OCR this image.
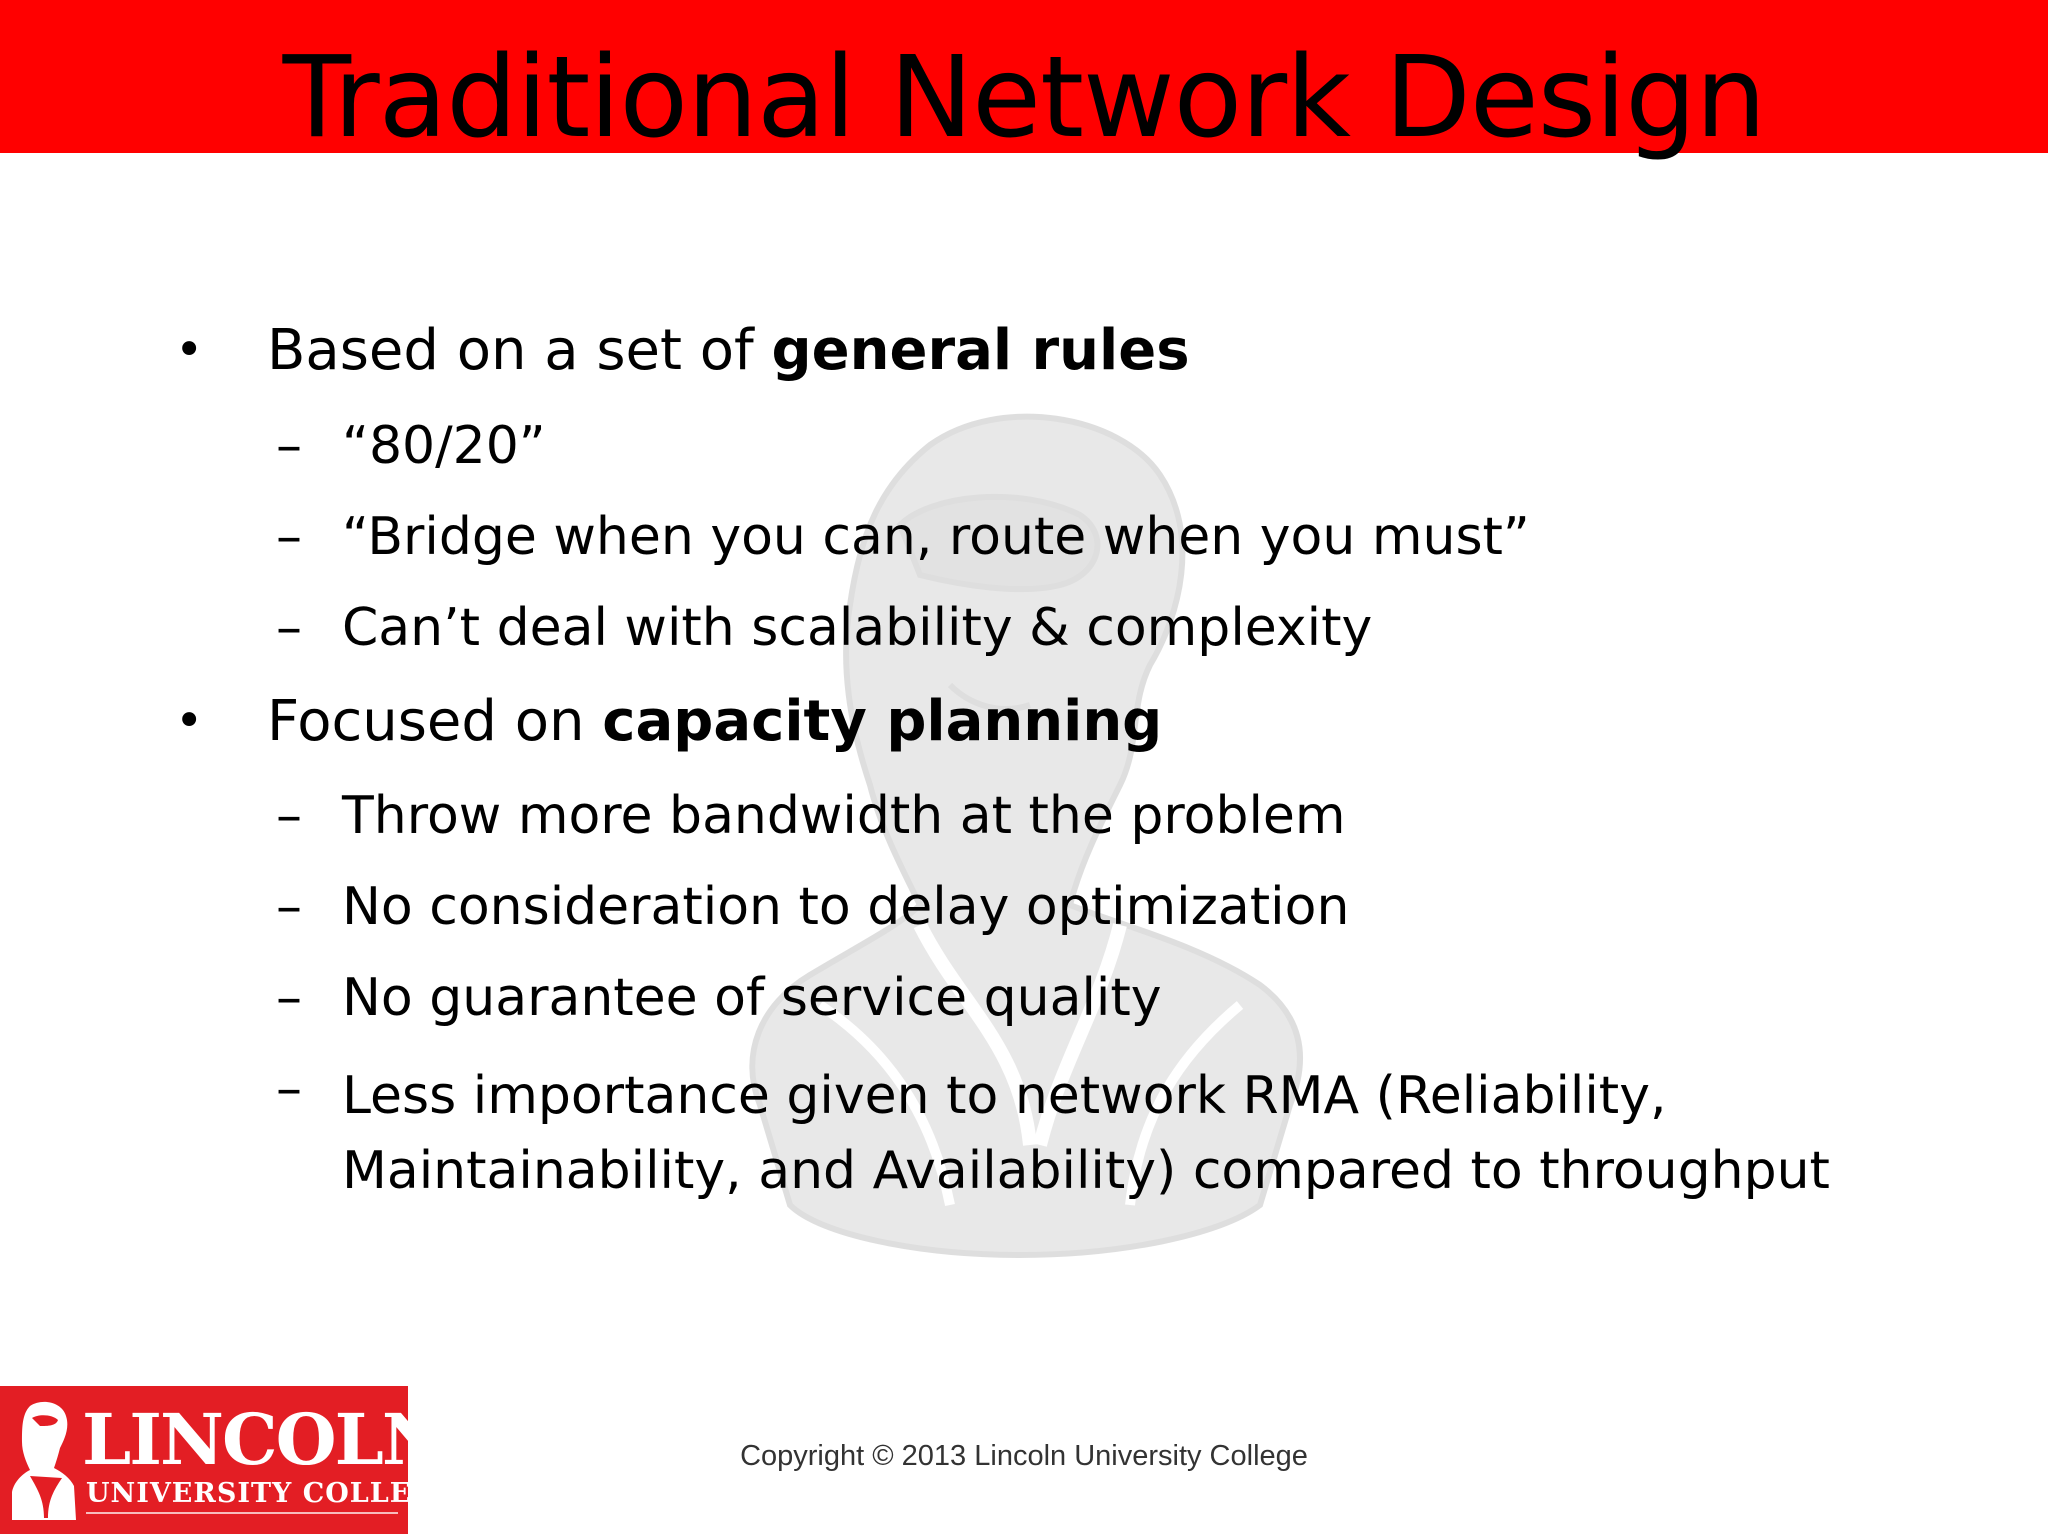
Traditional Network Design
• Based on a set of general rules
– “80/20”
– “Bridge when you can, route when you must”
– Can’t deal with scalability & complexity
• Focused on capacity planning
– Throw more bandwidth at the problem
– No consideration to delay optimization
– No guarantee of service quality
– Less importance given to network RMA (Reliability, Maintainability, and Availability) compared to throughput
LINCOLN
UNIVERSITY COLLEGE
Copyright © 2013 Lincoln University College
